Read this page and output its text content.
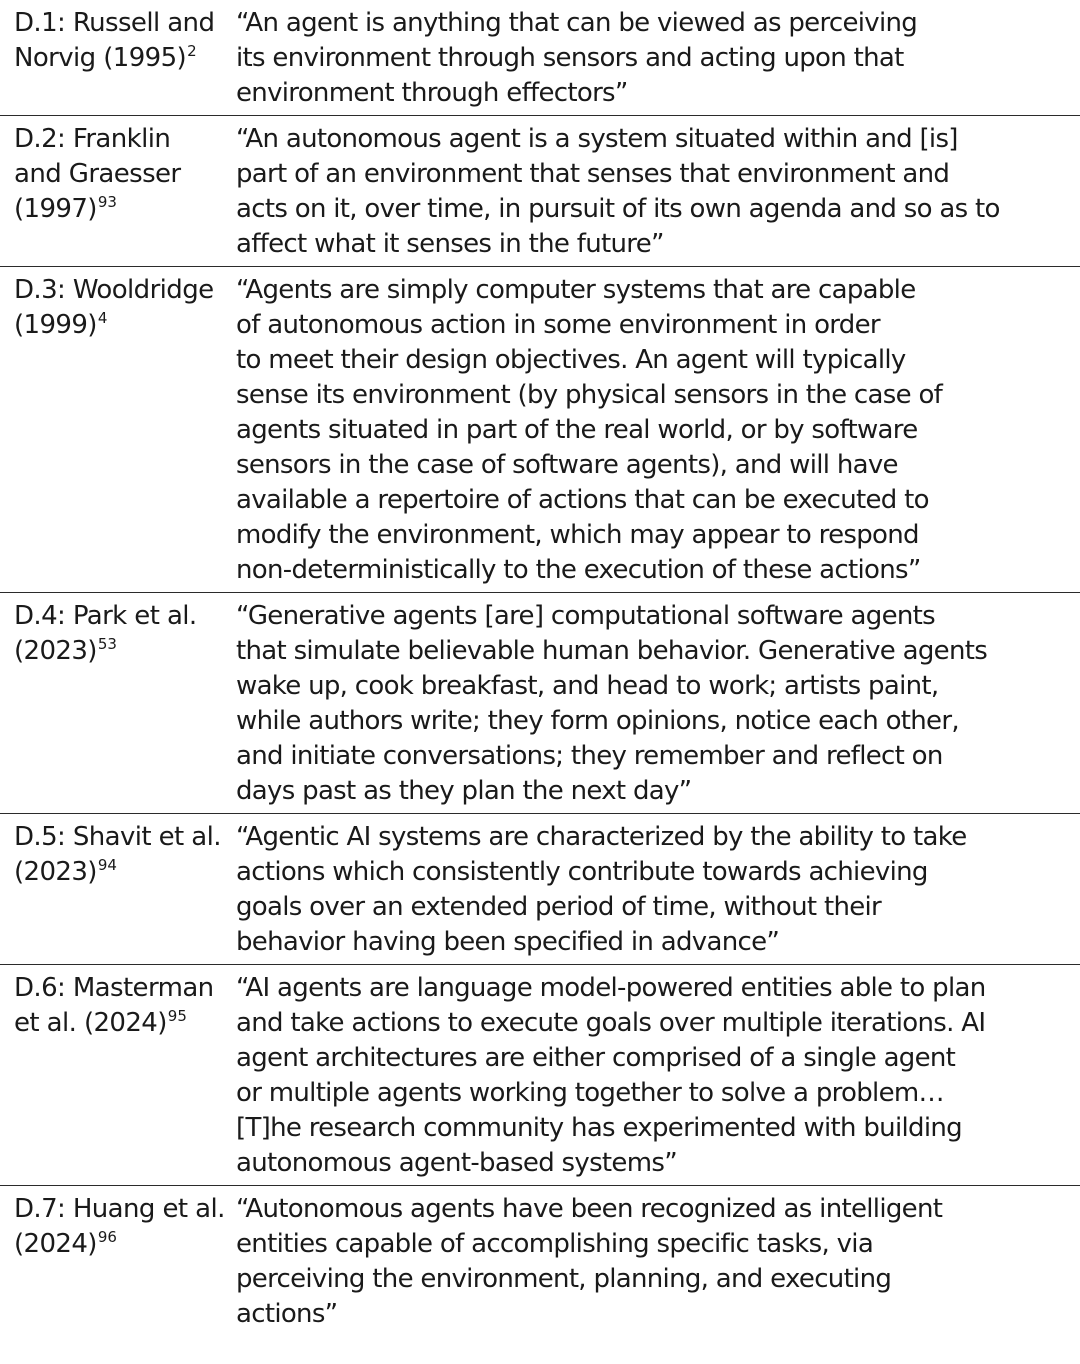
D.1: Russell and
Norvig $(1995)^2$
“An agent is anything that can be viewed as perceiving
its environment through sensors and acting upon that
environment through effectors”
D.2: Franklin
and Graesser
$(1997)^{93}$
“An autonomous agent is a system situated within and [is]
part of an environment that senses that environment and
acts on it, over time, in pursuit of its own agenda and so as to
affect what it senses in the future”
D.3: Wooldridge
$(1999)^4$
“Agents are simply computer systems that are capable
of autonomous action in some environment in order
to meet their design objectives. An agent will typically
sense its environment (by physical sensors in the case of
agents situated in part of the real world, or by software
sensors in the case of software agents), and will have
available a repertoire of actions that can be executed to
modify the environment, which may appear to respond
non-deterministically to the execution of these actions”
D.4: Park et al.
$(2023)^{53}$
“Generative agents [are] computational software agents
that simulate believable human behavior. Generative agents
wake up, cook breakfast, and head to work; artists paint,
while authors write; they form opinions, notice each other,
and initiate conversations; they remember and reflect on
days past as they plan the next day”
D.5: Shavit et al.
$(2023)^{94}$
“Agentic AI systems are characterized by the ability to take
actions which consistently contribute towards achieving
goals over an extended period of time, without their
behavior having been specified in advance”
D.6: Masterman
et al. $(2024)^{95}$
“AI agents are language model-powered entities able to plan
and take actions to execute goals over multiple iterations. AI
agent architectures are either comprised of a single agent
or multiple agents working together to solve a problem…
[T]he research community has experimented with building
autonomous agent-based systems”
D.7: Huang et al.
$(2024)^{96}$
“Autonomous agents have been recognized as intelligent
entities capable of accomplishing specific tasks, via
perceiving the environment, planning, and executing
actions”
